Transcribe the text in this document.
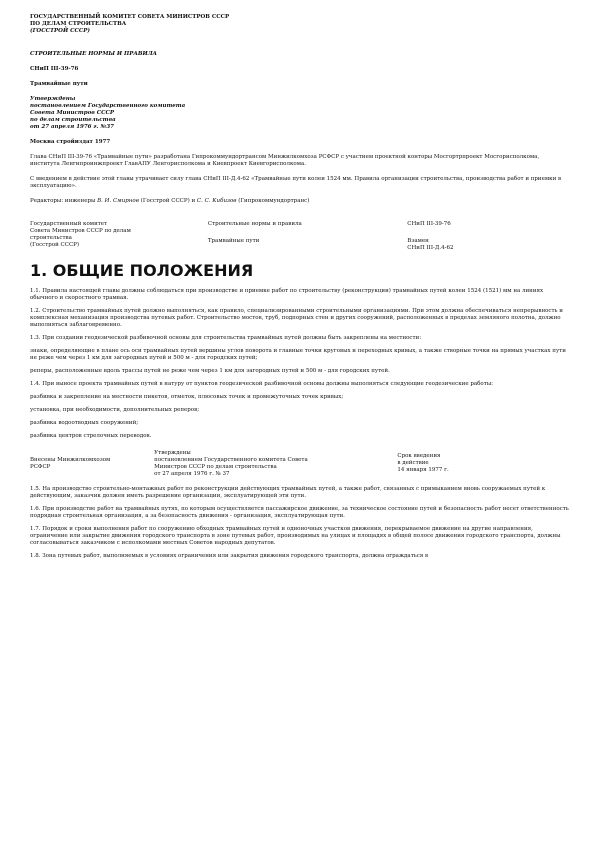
ГОСУДАРСТВЕННЫЙ КОМИТЕТ СОВЕТА МИНИСТРОВ СССР

ПО ДЕЛАМ СТРОИТЕЛЬСТВА

(ГОССТРОЙ СССР)

СТРОИТЕЛЬНЫЕ НОРМЫ И ПРАВИЛА

СНиП III-39-76

Трамвайные пути

Утверждены

постановлением Государственного комитета

Совета Министров СССР

по делам строительства

от 27 апреля 1976 г. №37

Москва стройиздат 1977

Глава СНиП III-39-76 «Трамвайные пути» разработана Гипрокоммундортрансом Минжилкомхоза РСФСР с участием проектной конторы Мосгортрпроект Мосгорисполкома, института Ленгипроинжпроект ГлавАПУ Ленгорисполкома и Киевпроект Киевгорисполкома.

С введением в действие этой главы утрачивает силу глава СНиП III-Д.4-62 «Трамвайные пути колеи 1524 мм. Правила организации строительства, производства работ и приемки в эксплуатацию».

Редакторы: инженеры В. И. Смирнов (Госстрой СССР) и С. С. Кибизов (Гипрокоммундортранс)

Государственный комитет
Совета Министров СССР по делам
строительства
(Госстрой СССР)

Строительные нормы и правила
Трамвайные пути

СНиП III-39-76
Взамен
СНиП III-Д.4-62
1. ОБЩИЕ ПОЛОЖЕНИЯ

1.1. Правила настоящей главы должны соблюдаться при производстве и приемке работ по строительству (реконструкции) трамвайных путей колеи 1524 (1521) мм на линиях обычного и скоростного трамвая.

1.2. Строительство трамвайных путей должно выполняться, как правило, специализированными строительными организациями. При этом должна обеспечиваться непрерывность и комплексная механизация производства путевых работ. Строительство мостов, труб, подпорных стен и других сооружений, расположенных в пределах земляного полотна, должно выполняться заблаговременно.

1.3. При создании геодезической разбивочной основы для строительства трамвайных путей должны быть закреплены на местности:

знаки, определяющие в плане ось оси трамвайных путей вершины углов поворота и главные точки круговых и переходных кривых, а также створные точки на прямых участках пути не реже чем через 1 км для загородных путей и 500 м - для городских путей;

реперы, расположенные вдоль трассы путей не реже чем через 1 км для загородных путей и 500 м - для городских путей.

1.4. При выносе проекта трамвайных путей в натуру от пунктов геодезической разбивочной основы должны выполняться следующие геодезические работы:

разбивка и закрепление на местности пикетов, отметок, плюсовых точек и промежуточных точек кривых;

установка, при необходимости, дополнительных реперов;

разбивка водоотводных сооружений;

разбивка центров стрелочных переводов.

Внесены Минжилкомхозом
РСФСР

Утверждены
постановлением Государственного комитета Совета
Министров СССР по делам строительства
от 27 апреля 1976 г. № 37

Срок введения
в действие
14 января 1977 г.

1.5. На производство строительно-монтажных работ по реконструкции действующих трамвайных путей, а также работ, связанных с примыканием вновь сооружаемых путей к действующим, заказчик должен иметь разрешение организации, эксплуатирующей эти пути.

1.6. При производстве работ на трамвайных путях, по которым осуществляется пассажирское движение, за техническое состояние путей и безопасность работ несет ответственность подрядная строительная организация, а за безопасность движения - организация, эксплуатирующая пути.

1.7. Порядок и сроки выполнения работ по сооружению обходных трамвайных путей и одноночных участков движения, перекрываемое движение на другие направления, ограничение или закрытие движения городского транспорта в зоне путевых работ, производимых на улицах и площадях в общей полосе движения городского транспорта, должны согласовываться заказчиком с исполкомами местных Советов народных депутатов.

1.8. Зона путевых работ, выполняемых в условиях ограничения или закрытия движения городского транспорта, должна ограждаться в
